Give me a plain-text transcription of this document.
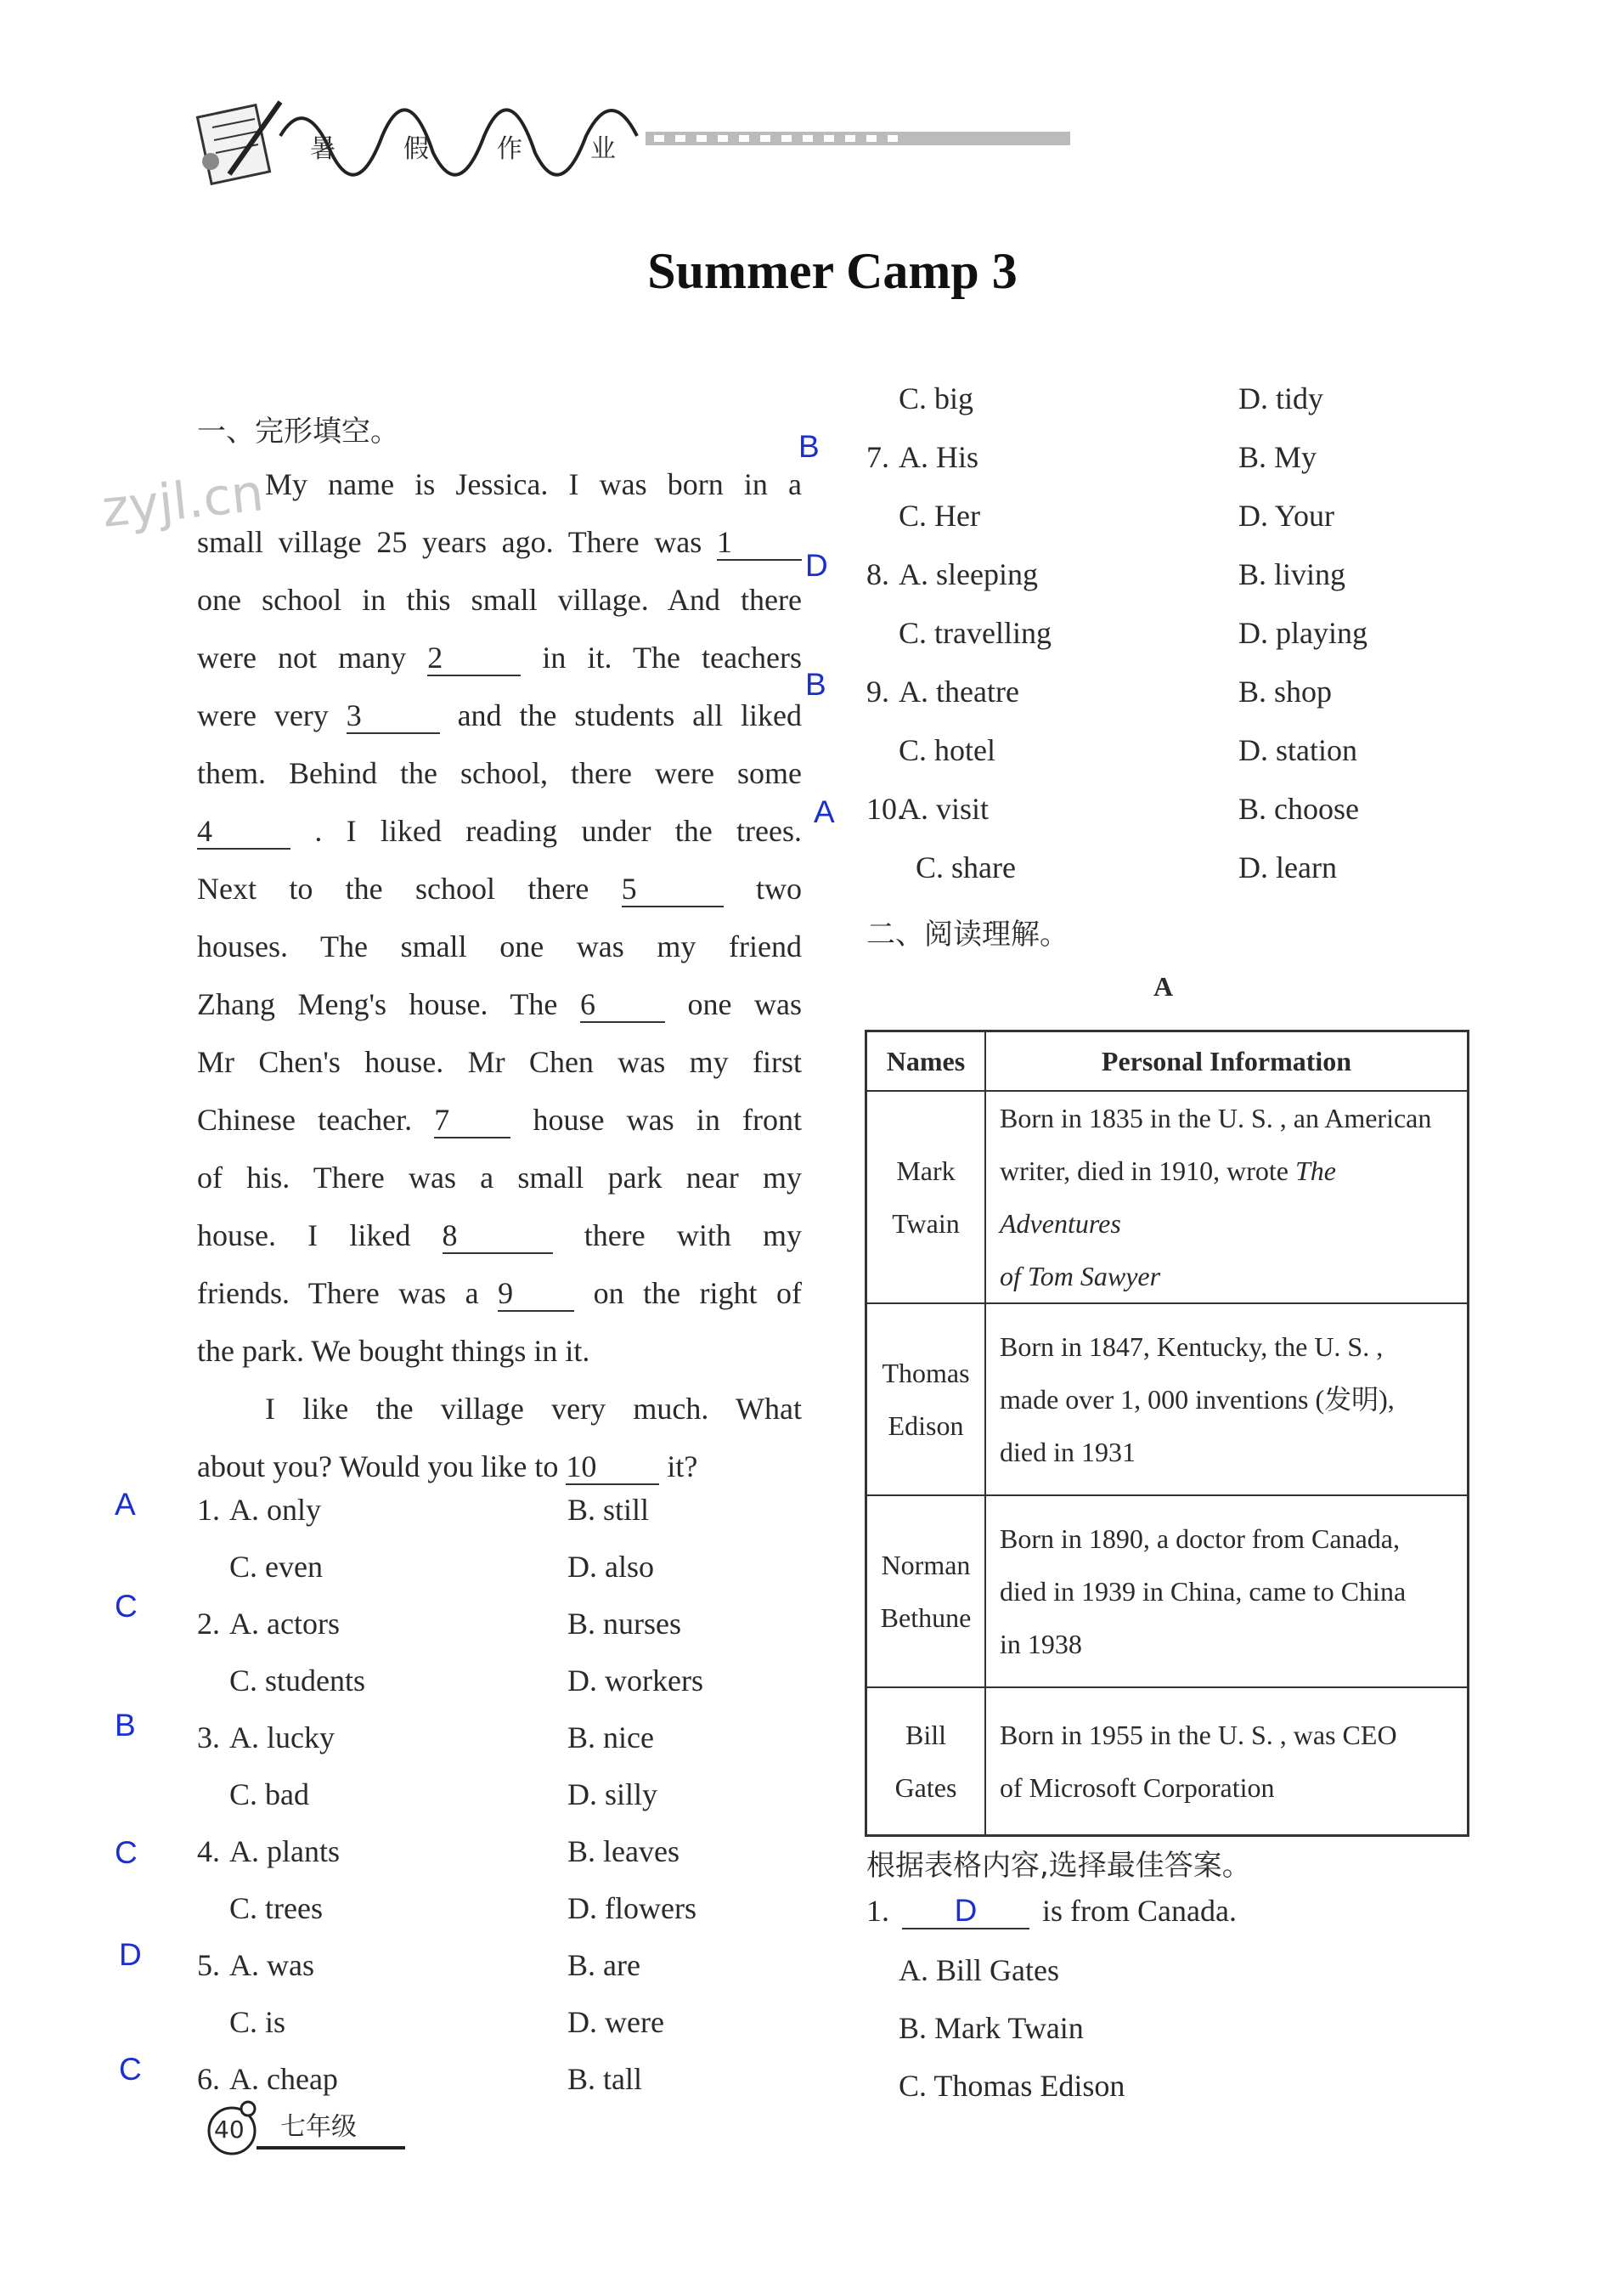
暑	假	作	业
Summer Camp 3
zyjl.cn
一、完形填空。
My name is Jessica. I was born in a
small village 25 years ago. There was 1
one school in this small village. And there
were not many 2	in it. The teachers
were very 3	and the students all liked
them. Behind the school, there were some
4	. I liked reading under the trees.
Next to the school there 5	two
houses. The small one was my friend
Zhang Meng's house. The 6	one was
Mr Chen's house. Mr Chen was my first
Chinese teacher. 7	house was in front
of his. There was a small park near my
house. I liked 8	there with my
friends. There was a 9	on the right of
the park. We bought things in it.
I like the village very much. What
about you? Would you like to 10 it?
B
D
B
A
1. A. only	B. still
C. even	D. also
2. A. actors	B. nurses
C. students	D. workers
3. A. lucky	B. nice
C. bad	D. silly
4. A. plants	B. leaves
C. trees	D. flowers
5. A. was	B. are
C. is	D. were
6. A. cheap	B. tall
A
C
B
C
D
C
C. big	D. tidy
7. A. His	B. My
C. Her	D. Your
8. A. sleeping	B. living
C. travelling	D. playing
9. A. theatre	B. shop
C. hotel	D. station
10.
A. visit	B. choose
C. share	D. learn
二、阅读理解。
A
Names	Personal Information
Mark
Twain	Born in 1835 in the U. S. , an American
writer, died in 1910, wrote The Adventures
of Tom Sawyer
Thomas
Edison	Born in 1847, Kentucky, the U. S. ,
made over 1, 000 inventions (发明),
died in 1931
Norman
Bethune	Born in 1890, a doctor from Canada,
died in 1939 in China, came to China
in 1938
Bill
Gates	Born in 1955 in the U. S. , was CEO
of Microsoft Corporation
根据表格内容,选择最佳答案。
1. D is from Canada.
A. Bill Gates
B. Mark Twain
C. Thomas Edison
40 七年级
